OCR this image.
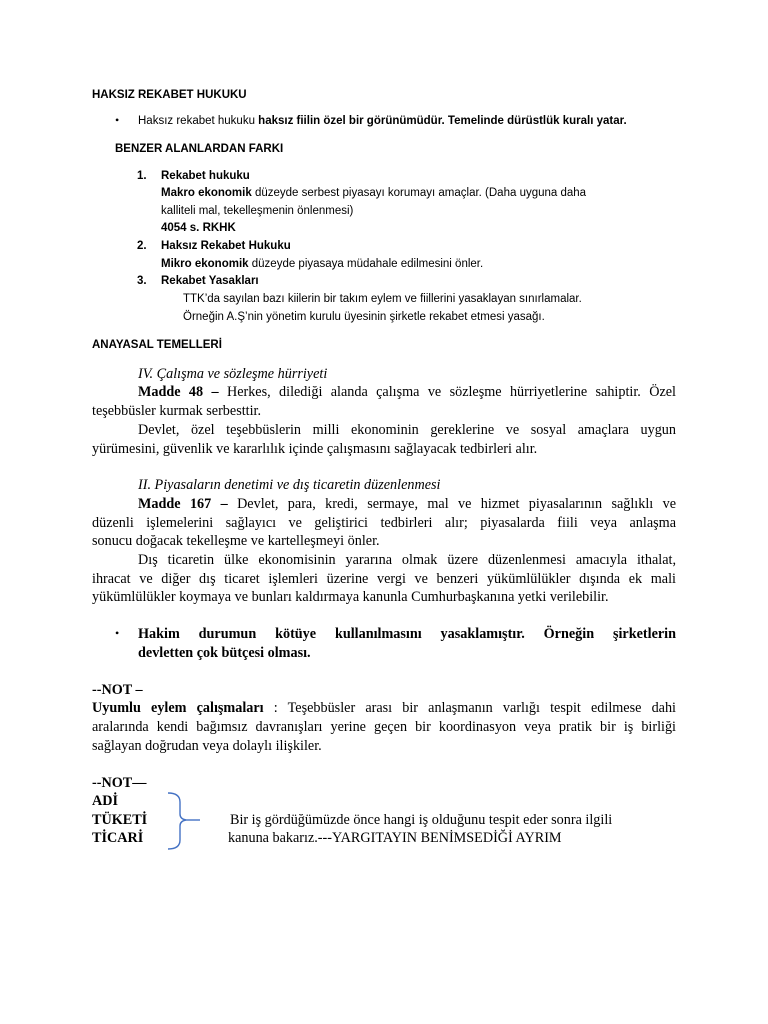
HAKSIZ REKABET HUKUKU
• Haksız rekabet hukuku haksız fiilin özel bir görünümüdür. Temelinde dürüstlük kuralı yatar.
BENZER ALANLARDAN FARKI
1. Rekabet hukuku
Makro ekonomik düzeyde serbest piyasayı korumayı amaçlar. (Daha uyguna daha
kalliteli mal, tekelleşmenin önlenmesi)
4054 s. RKHK
2. Haksız Rekabet Hukuku
Mikro ekonomik düzeyde piyasaya müdahale edilmesini önler.
3. Rekabet Yasakları
TTK’da sayılan bazı kiilerin bir takım eylem ve fiillerini yasaklayan sınırlamalar.
Örneğin A.Ş’nin yönetim kurulu üyesinin şirketle rekabet etmesi yasağı.
ANAYASAL TEMELLERİ
IV. Çalışma ve sözleşme hürriyeti
Madde 48 – Herkes, dilediği alanda çalışma ve sözleşme hürriyetlerine sahiptir. Özel
teşebbüsler kurmak serbesttir.
Devlet, özel teşebbüslerin milli ekonominin gereklerine ve sosyal amaçlara uygun
yürümesini, güvenlik ve kararlılık içinde çalışmasını sağlayacak tedbirleri alır.
II. Piyasaların denetimi ve dış ticaretin düzenlenmesi
Madde 167 – Devlet, para, kredi, sermaye, mal ve hizmet piyasalarının sağlıklı ve
düzenli işlemelerini sağlayıcı ve geliştirici tedbirleri alır; piyasalarda fiili veya anlaşma
sonucu doğacak tekelleşme ve kartelleşmeyi önler.
Dış ticaretin ülke ekonomisinin yararına olmak üzere düzenlenmesi amacıyla ithalat,
ihracat ve diğer dış ticaret işlemleri üzerine vergi ve benzeri yükümlülükler dışında ek mali
yükümlülükler koymaya ve bunları kaldırmaya kanunla Cumhurbaşkanına yetki verilebilir.
• Hakim durumun kötüye kullanılmasını yasaklamıştır. Örneğin şirketlerin
devletten çok bütçesi olması.
--NOT –
Uyumlu eylem çalışmaları : Teşebbüsler arası bir anlaşmanın varlığı tespit edilmese dahi
aralarında kendi bağımsız davranışları yerine geçen bir koordinasyon veya pratik bir iş birliği
sağlayan doğrudan veya dolaylı ilişkiler.
--NOT—
ADİ
TÜKETİ
TİCARİ
Bir iş gördüğümüzde önce hangi iş olduğunu tespit eder sonra ilgili
kanuna bakarız.---YARGITAYIN BENİMSEDİĞİ AYRIM
